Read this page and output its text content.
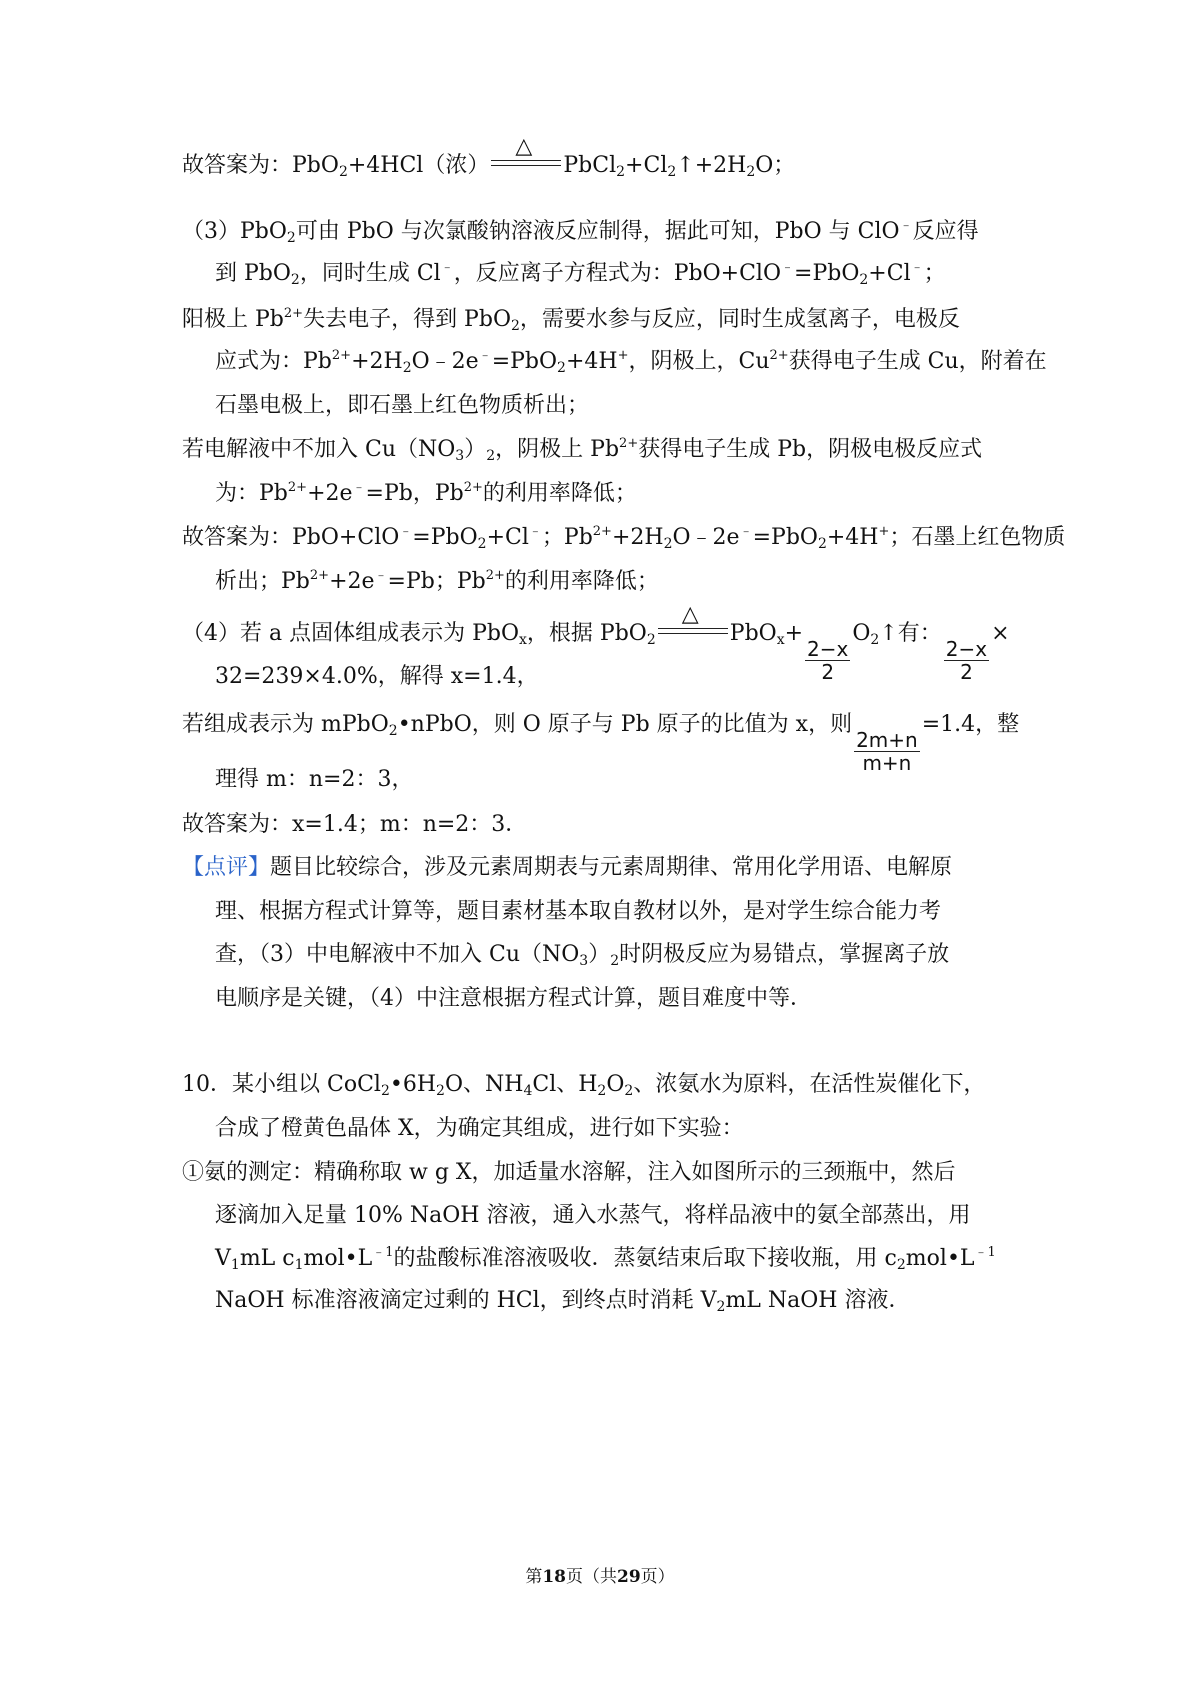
故答案为：PbO$_2$+4HCl（浓）
△
$PbCl_2+Cl_2↑+2H_2O$；
（3）PbO$_2$可由 PbO 与次氯酸钠溶液反应制得，据此可知，PbO 与 ClO﹣反应得
到 PbO$_2$，同时生成 Cl﹣，反应离子方程式为：PbO+ClO﹣=PbO$_2$+Cl﹣；
阳极上 $Pb^{2+}$失去电子，得到 PbO$_2$，需要水参与反应，同时生成氢离子，电极反
应式为：$Pb^{2+}+2H_2O﹣2e^﹣=PbO_2+4H^+$，阴极上，$Cu^{2+}$获得电子生成 Cu，附着在
石墨电极上，即石墨上红色物质析出；
若电解液中不加入 $Cu(NO_3)_2$，阴极上 $Pb^{2+}$获得电子生成 Pb，阴极电极反应式
为：$Pb^{2+}+2e^﹣=Pb$，$Pb^{2+}$的利用率降低；
故答案为：PbO+ClO﹣=PbO$_2$+Cl﹣；$Pb^{2+}+2H_2O﹣2e^﹣=PbO_2+4H^+$；石墨上红色物质
析出；$Pb^{2+}+2e^﹣=Pb$；$Pb^{2+}$的利用率降低；
（4）若 a 点固体组成表示为 PbO$_x$，根据 PbO$_2$
△
PbO$_x$+
$\frac{2-x}{2}$
$O_2↑$有：
$\frac{2-x}{2}$
×
32=239×4.0%，解得 x=1.4，
若组成表示为 mPbO$_2$•nPbO，则 O 原子与 Pb 原子的比值为 x，则
$\frac{2m+n}{m+n}$
=1.4，整
理得 m：n=2：3，
故答案为：x=1.4；m：n=2：3．
【点评】题目比较综合，涉及元素周期表与元素周期律、常用化学用语、电解原
理、根据方程式计算等，题目素材基本取自教材以外，是对学生综合能力考
查，（3）中电解液中不加入 $Cu(NO_3)_2$时阴极反应为易错点，掌握离子放
电顺序是关键，（4）中注意根据方程式计算，题目难度中等．
10．某小组以 $CoCl_2•6H_2O$、$NH_4Cl$、$H_2O_2$、浓氨水为原料，在活性炭催化下，
合成了橙黄色晶体 X，为确定其组成，进行如下实验：
①氨的测定：精确称取 w g X，加适量水溶解，注入如图所示的三颈瓶中，然后
逐滴加入足量 10% NaOH 溶液，通入水蒸气，将样品液中的氨全部蒸出，用
$V_1mL$ $c_1mol•L^{﹣1}$的盐酸标准溶液吸收．蒸氨结束后取下接收瓶，用 $c_2mol•L^{﹣1}$
NaOH 标准溶液滴定过剩的 HCl，到终点时消耗 $V_2mL$ NaOH 溶液．
第18页（共29页）
